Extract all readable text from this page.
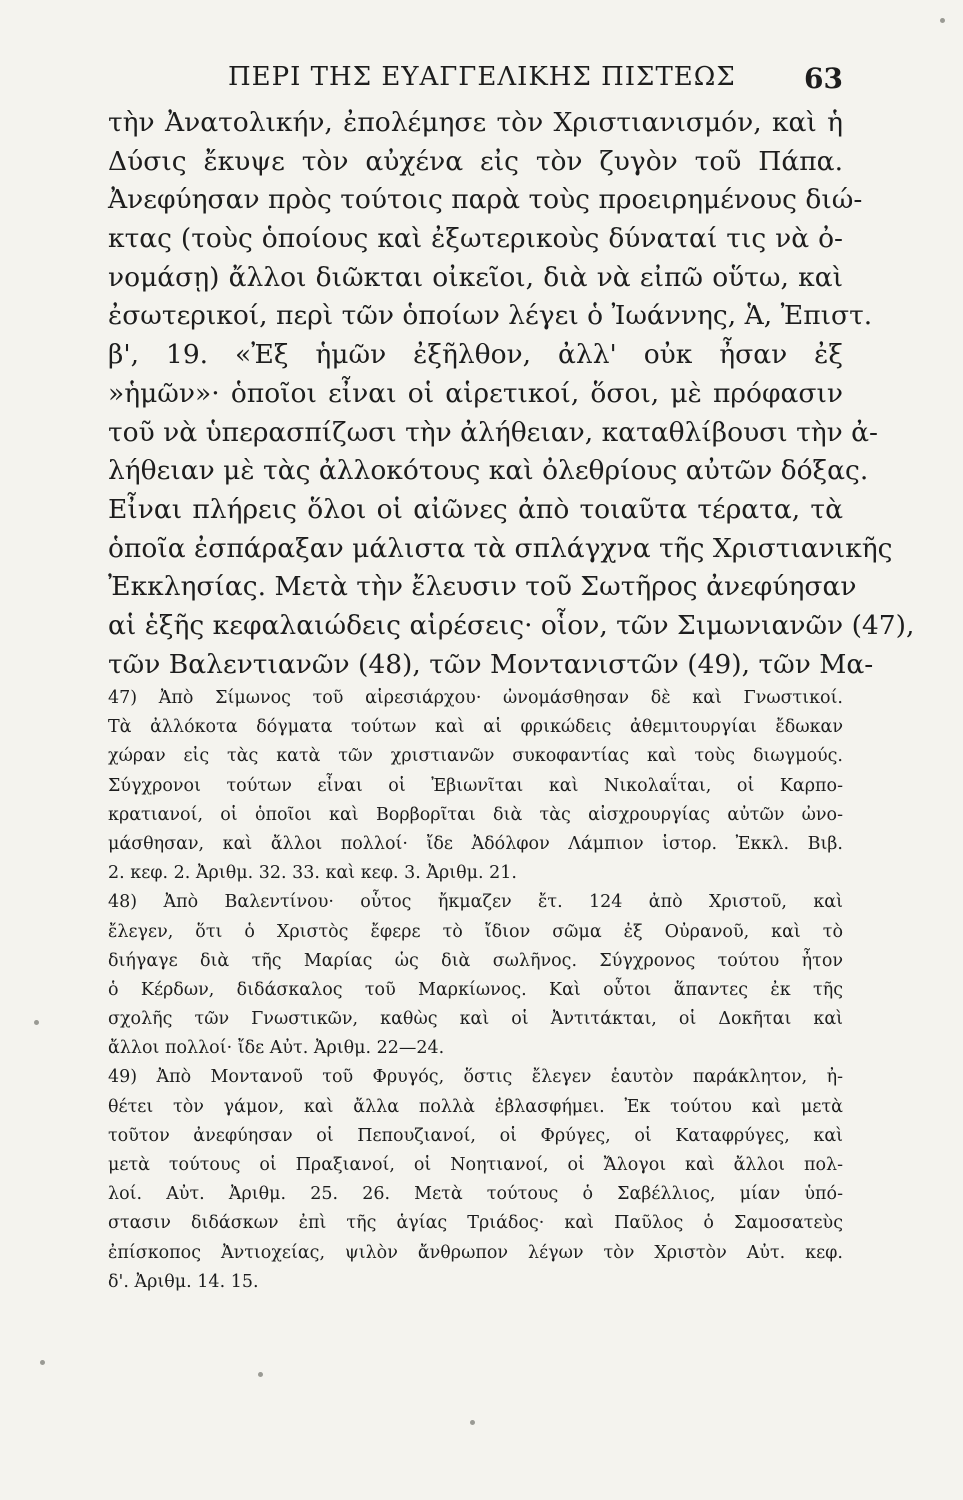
ΠΕΡΙ ΤΗΣ ΕΥΑΓΓΕΛΙΚΗΣ ΠΙΣΤΕΩΣ 63
τὴν Ἀνατολικήν, ἐπολέμησε τὸν Χριστιανισμόν, καὶ ἡ
Δύσις ἔκυψε τὸν αὐχένα εἰς τὸν ζυγὸν τοῦ Πάπα.
Ἀνεφύησαν πρὸς τούτοις παρὰ τοὺς προειρημένους διώ-
κτας (τοὺς ὁποίους καὶ ἐξωτερικοὺς δύναταί τις νὰ ὀ-
νομάσῃ) ἄλλοι διῶκται οἰκεῖοι, διὰ νὰ εἰπῶ οὕτω, καὶ
ἐσωτερικοί, περὶ τῶν ὁποίων λέγει ὁ Ἰωάννης, Ἁ, Ἐπιστ.
β', 19. «Ἐξ ἡμῶν ἐξῆλθον, ἀλλ' οὐκ ἦσαν ἐξ
»ἡμῶν»· ὁποῖοι εἶναι οἱ αἱρετικοί, ὅσοι, μὲ πρόφασιν
τοῦ νὰ ὑπερασπίζωσι τὴν ἀλήθειαν, καταθλίβουσι τὴν ἀ-
λήθειαν μὲ τὰς ἀλλοκότους καὶ ὀλεθρίους αὐτῶν δόξας.
Εἶναι πλήρεις ὅλοι οἱ αἰῶνες ἀπὸ τοιαῦτα τέρατα, τὰ
ὁποῖα ἐσπάραξαν μάλιστα τὰ σπλάγχνα τῆς Χριστιανικῆς
Ἐκκλησίας. Μετὰ τὴν ἔλευσιν τοῦ Σωτῆρος ἀνεφύησαν
αἱ ἑξῆς κεφαλαιώδεις αἱρέσεις· οἷον, τῶν Σιμωνιανῶν (47),
τῶν Βαλεντιανῶν (48), τῶν Μοντανιστῶν (49), τῶν Μα-
47) Ἀπὸ Σίμωνος τοῦ αἱρεσιάρχου· ὠνομάσθησαν δὲ καὶ Γνωστικοί.
Τὰ ἀλλόκοτα δόγματα τούτων καὶ αἱ φρικώδεις ἀθεμιτουργίαι ἔδωκαν
χώραν εἰς τὰς κατὰ τῶν χριστιανῶν συκοφαντίας καὶ τοὺς διωγμούς.
Σύγχρονοι τούτων εἶναι οἱ Ἐβιωνῖται καὶ Νικολαΐται, οἱ Καρπο-
κρατιανοί, οἱ ὁποῖοι καὶ Βορβορῖται διὰ τὰς αἰσχρουργίας αὐτῶν ὠνο-
μάσθησαν, καὶ ἄλλοι πολλοί· ἴδε Ἀδόλφον Λάμπιον ἱστορ. Ἐκκλ. Βιβ.
2. κεφ. 2. Ἀριθμ. 32. 33. καὶ κεφ. 3. Ἀριθμ. 21.
48) Ἀπὸ Βαλεντίνου· οὗτος ἤκμαζεν ἔτ. 124 ἀπὸ Χριστοῦ, καὶ
ἔλεγεν, ὅτι ὁ Χριστὸς ἔφερε τὸ ἴδιον σῶμα ἐξ Οὐρανοῦ, καὶ τὸ
διήγαγε διὰ τῆς Μαρίας ὡς διὰ σωλῆνος. Σύγχρονος τούτου ἦτον
ὁ Κέρδων, διδάσκαλος τοῦ Μαρκίωνος. Καὶ οὗτοι ἅπαντες ἐκ τῆς
σχολῆς τῶν Γνωστικῶν, καθὼς καὶ οἱ Ἀντιτάκται, οἱ Δοκῆται καὶ
ἄλλοι πολλοί· ἴδε Αὐτ. Ἀριθμ. 22—24.
49) Ἀπὸ Μοντανοῦ τοῦ Φρυγός, ὅστις ἔλεγεν ἑαυτὸν παράκλητον, ἠ-
θέτει τὸν γάμον, καὶ ἄλλα πολλὰ ἐβλασφήμει. Ἐκ τούτου καὶ μετὰ
τοῦτον ἀνεφύησαν οἱ Πεπουζιανοί, οἱ Φρύγες, οἱ Καταφρύγες, καὶ
μετὰ τούτους οἱ Πραξιανοί, οἱ Νοητιανοί, οἱ Ἄλογοι καὶ ἄλλοι πολ-
λοί. Αὐτ. Ἀριθμ. 25. 26. Μετὰ τούτους ὁ Σαβέλλιος, μίαν ὑπό-
στασιν διδάσκων ἐπὶ τῆς ἁγίας Τριάδος· καὶ Παῦλος ὁ Σαμοσατεὺς
ἐπίσκοπος Ἀντιοχείας, ψιλὸν ἄνθρωπον λέγων τὸν Χριστὸν Αὐτ. κεφ.
δ'. Ἀριθμ. 14. 15.
